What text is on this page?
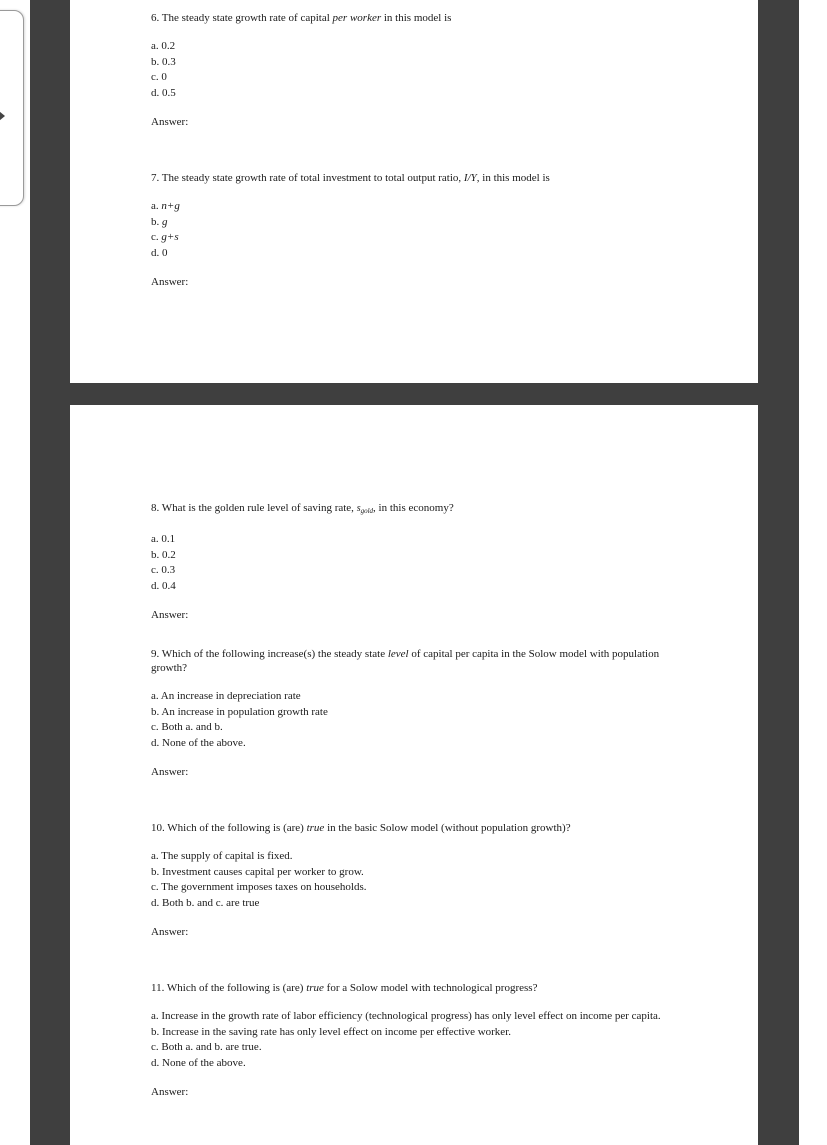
6. The steady state growth rate of capital per worker in this model is

a. 0.2
b. 0.3
c. 0
d. 0.5

Answer:

7. The steady state growth rate of total investment to total output ratio, I/Y, in this model is

a. n+g
b. g
c. g+s
d. 0

Answer:

8. What is the golden rule level of saving rate, $s_{gold}$, in this economy?

a. 0.1
b. 0.2
c. 0.3
d. 0.4

Answer:

9. Which of the following increase(s) the steady state level of capital per capita in the Solow model with population growth?

a. An increase in depreciation rate
b. An increase in population growth rate
c. Both a. and b.
d. None of the above.

Answer:

10. Which of the following is (are) true in the basic Solow model (without population growth)?

a. The supply of capital is fixed.
b. Investment causes capital per worker to grow.
c. The government imposes taxes on households.
d. Both b. and c. are true

Answer:

11. Which of the following is (are) true for a Solow model with technological progress?

a. Increase in the growth rate of labor efficiency (technological progress) has only level effect on income per capita.
b. Increase in the saving rate has only level effect on income per effective worker.
c. Both a. and b. are true.
d. None of the above.

Answer:
